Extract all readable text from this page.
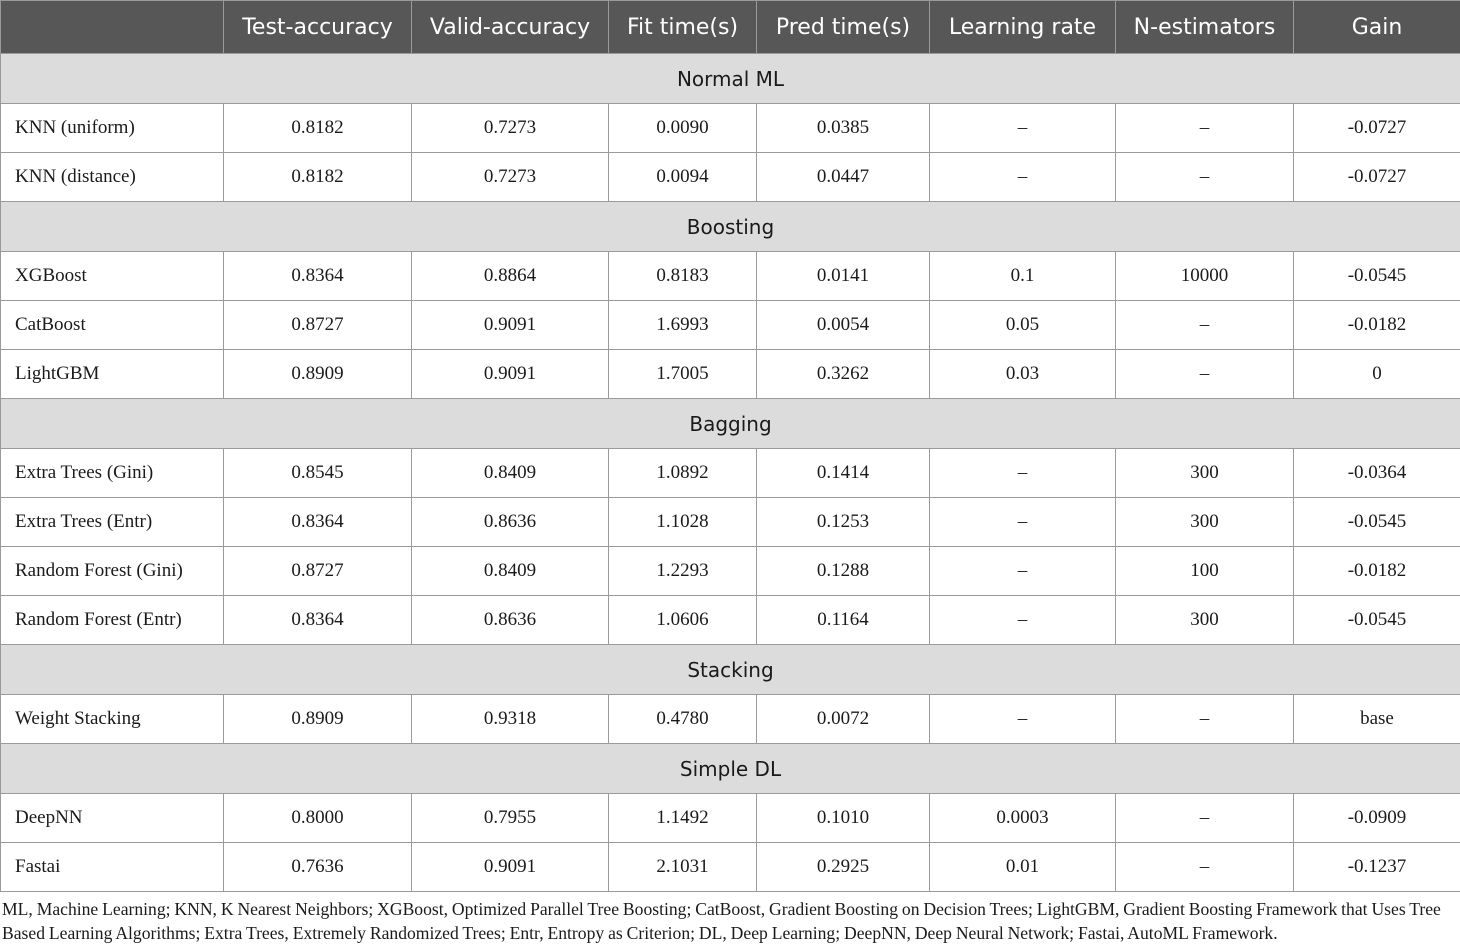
	Test-accuracy	Valid-accuracy	Fit time(s)	Pred time(s)	Learning rate	N-estimators	Gain
Normal ML							
KNN (uniform)	0.8182	0.7273	0.0090	0.0385	–	–	-0.0727
KNN (distance)	0.8182	0.7273	0.0094	0.0447	–	–	-0.0727
Boosting							
XGBoost	0.8364	0.8864	0.8183	0.0141	0.1	10000	-0.0545
CatBoost	0.8727	0.9091	1.6993	0.0054	0.05	–	-0.0182
LightGBM	0.8909	0.9091	1.7005	0.3262	0.03	–	0
Bagging							
Extra Trees (Gini)	0.8545	0.8409	1.0892	0.1414	–	300	-0.0364
Extra Trees (Entr)	0.8364	0.8636	1.1028	0.1253	–	300	-0.0545
Random Forest (Gini)	0.8727	0.8409	1.2293	0.1288	–	100	-0.0182
Random Forest (Entr)	0.8364	0.8636	1.0606	0.1164	–	300	-0.0545
Stacking							
Weight Stacking	0.8909	0.9318	0.4780	0.0072	–	–	base
Simple DL							
DeepNN	0.8000	0.7955	1.1492	0.1010	0.0003	–	-0.0909
Fastai	0.7636	0.9091	2.1031	0.2925	0.01	–	-0.1237

ML, Machine Learning; KNN, K Nearest Neighbors; XGBoost, Optimized Parallel Tree Boosting; CatBoost, Gradient Boosting on Decision Trees; LightGBM, Gradient Boosting Framework that Uses Tree Based Learning Algorithms; Extra Trees, Extremely Randomized Trees; Entr, Entropy as Criterion; DL, Deep Learning; DeepNN, Deep Neural Network; Fastai, AutoML Framework.
